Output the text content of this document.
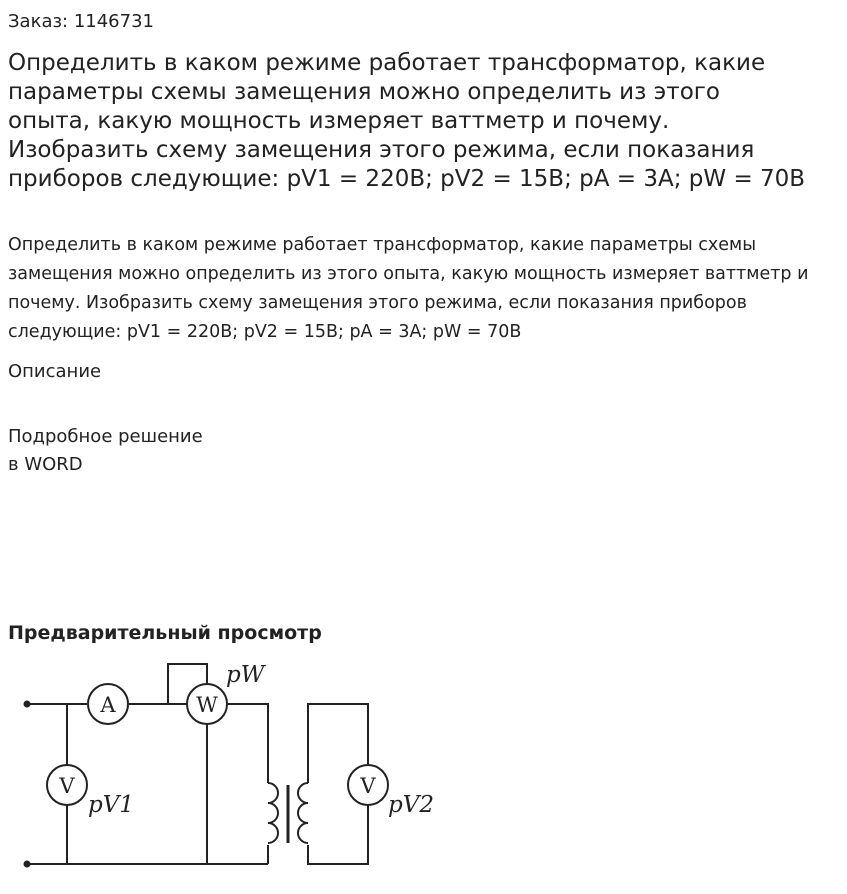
Заказ: 1146731
Определить в каком режиме работает трансформатор, какие параметры схемы замещения можно определить из этого опыта, какую мощность измеряет ваттметр и почему. Изобразить схему замещения этого режима, если показания приборов следующие: pV1 = 220В; pV2 = 15В; pA = 3А; pW = 70В

Определить в каком режиме работает трансформатор, какие параметры схемы замещения можно определить из этого опыта, какую мощность измеряет ваттметр и почему. Изобразить схему замещения этого режима, если показания приборов следующие: pV1 = 220В; pV2 = 15В; pA = 3А; pW = 70В

Описание
Подробное решение
в WORD
Предварительный просмотр
A	W
V	V
pW
pV1	pV2
